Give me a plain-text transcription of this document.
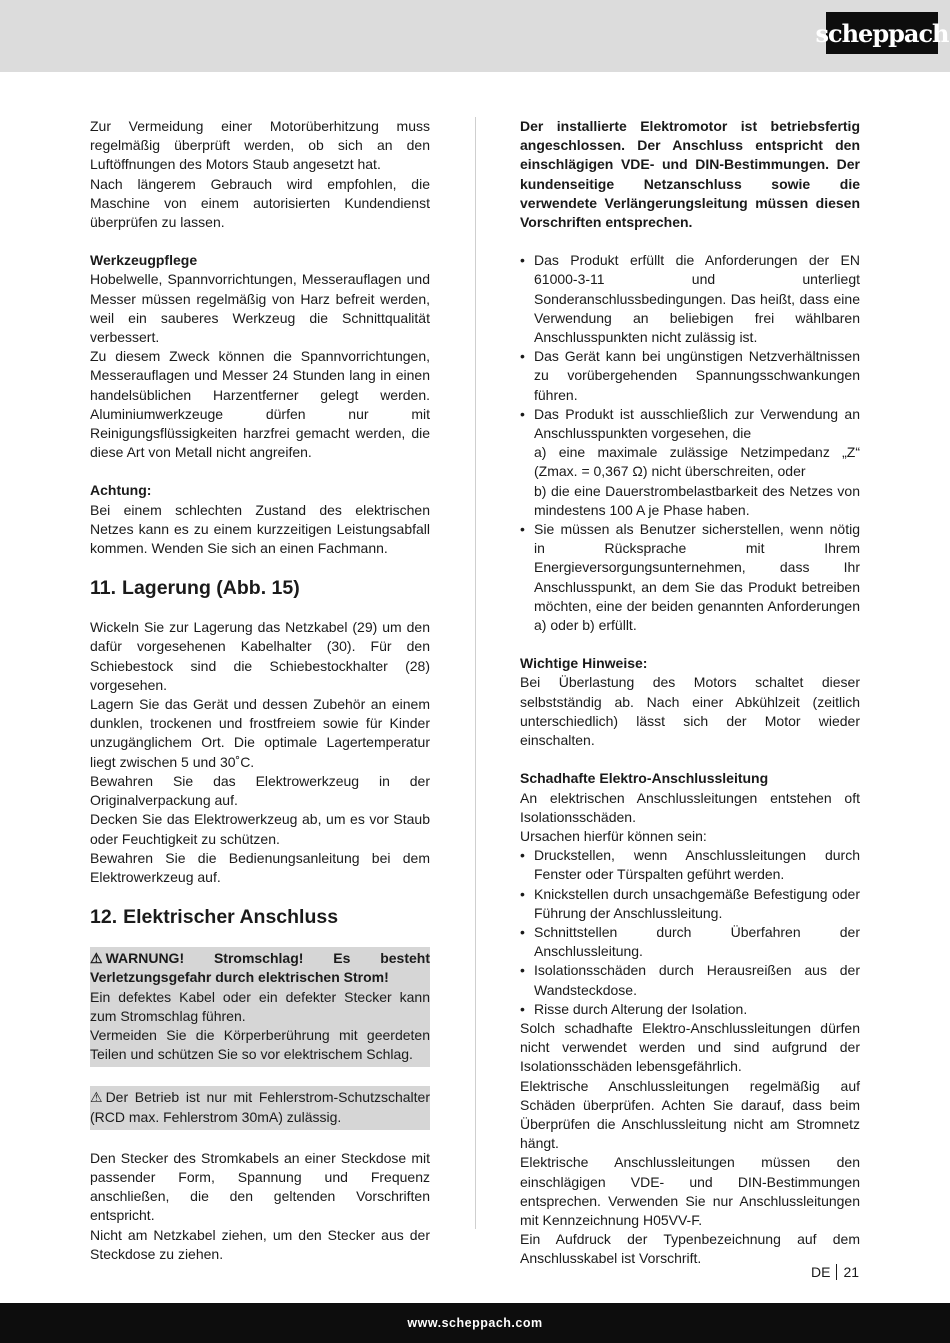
scheppach

Zur Vermeidung einer Motorüberhitzung muss regelmäßig überprüft werden, ob sich an den Luftöffnungen des Motors Staub angesetzt hat.

Nach längerem Gebrauch wird empfohlen, die Maschine von einem autorisierten Kundendienst überprüfen zu lassen.

Werkzeugpflege

Hobelwelle, Spannvorrichtungen, Messerauflagen und Messer müssen regelmäßig von Harz befreit werden, weil ein sauberes Werkzeug die Schnittqualität verbessert.

Zu diesem Zweck können die Spannvorrichtungen, Messerauflagen und Messer 24 Stunden lang in einen handelsüblichen Harzentferner gelegt werden. Aluminiumwerkzeuge dürfen nur mit Reinigungsflüssigkeiten harzfrei gemacht werden, die diese Art von Metall nicht angreifen.

Achtung:

Bei einem schlechten Zustand des elektrischen Netzes kann es zu einem kurzzeitigen Leistungsabfall kommen. Wenden Sie sich an einen Fachmann.

11. Lagerung (Abb. 15)

Wickeln Sie zur Lagerung das Netzkabel (29) um den dafür vorgesehenen Kabelhalter (30). Für den Schiebestock sind die Schiebestockhalter (28) vorgesehen.

Lagern Sie das Gerät und dessen Zubehör an einem dunklen, trockenen und frostfreiem sowie für Kinder unzugänglichem Ort. Die optimale Lagertemperatur liegt zwischen 5 und 30˚C.

Bewahren Sie das Elektrowerkzeug in der Originalverpackung auf.

Decken Sie das Elektrowerkzeug ab, um es vor Staub oder Feuchtigkeit zu schützen.

Bewahren Sie die Bedienungsanleitung bei dem Elektrowerkzeug auf.

12. Elektrischer Anschluss

⚠ WARNUNG! Stromschlag! Es besteht Verletzungsgefahr durch elektrischen Strom!

Ein defektes Kabel oder ein defekter Stecker kann zum Stromschlag führen.

Vermeiden Sie die Körperberührung mit geerdeten Teilen und schützen Sie so vor elektrischem Schlag.

⚠ Der Betrieb ist nur mit Fehlerstrom-Schutzschalter (RCD max. Fehlerstrom 30mA) zulässig.

Den Stecker des Stromkabels an einer Steckdose mit passender Form, Spannung und Frequenz anschließen, die den geltenden Vorschriften entspricht.

Nicht am Netzkabel ziehen, um den Stecker aus der Steckdose zu ziehen.

Der installierte Elektromotor ist betriebsfertig angeschlossen. Der Anschluss entspricht den einschlägigen VDE- und DIN-Bestimmungen. Der kundenseitige Netzanschluss sowie die verwendete Verlängerungsleitung müssen diesen Vorschriften entsprechen.

• Das Produkt erfüllt die Anforderungen der EN 61000-3-11 und unterliegt Sonderanschlussbedingungen. Das heißt, dass eine Verwendung an beliebigen frei wählbaren Anschlusspunkten nicht zulässig ist.
• Das Gerät kann bei ungünstigen Netzverhältnissen zu vorübergehenden Spannungsschwankungen führen.
• Das Produkt ist ausschließlich zur Verwendung an Anschlusspunkten vorgesehen, die
a) eine maximale zulässige Netzimpedanz „Z“ (Zmax. = 0,367 Ω) nicht überschreiten, oder
b) die eine Dauerstrombelastbarkeit des Netzes von mindestens 100 A je Phase haben.
• Sie müssen als Benutzer sicherstellen, wenn nötig in Rücksprache mit Ihrem Energieversorgungsunternehmen, dass Ihr Anschlusspunkt, an dem Sie das Produkt betreiben möchten, eine der beiden genannten Anforderungen a) oder b) erfüllt.

Wichtige Hinweise:

Bei Überlastung des Motors schaltet dieser selbstständig ab. Nach einer Abkühlzeit (zeitlich unterschiedlich) lässt sich der Motor wieder einschalten.

Schadhafte Elektro-Anschlussleitung

An elektrischen Anschlussleitungen entstehen oft Isolationsschäden.

Ursachen hierfür können sein:

• Druckstellen, wenn Anschlussleitungen durch Fenster oder Türspalten geführt werden.
• Knickstellen durch unsachgemäße Befestigung oder Führung der Anschlussleitung.
• Schnittstellen durch Überfahren der Anschlussleitung.
• Isolationsschäden durch Herausreißen aus der Wandsteckdose.
• Risse durch Alterung der Isolation.

Solch schadhafte Elektro-Anschlussleitungen dürfen nicht verwendet werden und sind aufgrund der Isolationsschäden lebensgefährlich.

Elektrische Anschlussleitungen regelmäßig auf Schäden überprüfen. Achten Sie darauf, dass beim Überprüfen die Anschlussleitung nicht am Stromnetz hängt.

Elektrische Anschlussleitungen müssen den einschlägigen VDE- und DIN-Bestimmungen entsprechen. Verwenden Sie nur Anschlussleitungen mit Kennzeichnung H05VV-F.

Ein Aufdruck der Typenbezeichnung auf dem Anschlusskabel ist Vorschrift.

DE 21
www.scheppach.com
